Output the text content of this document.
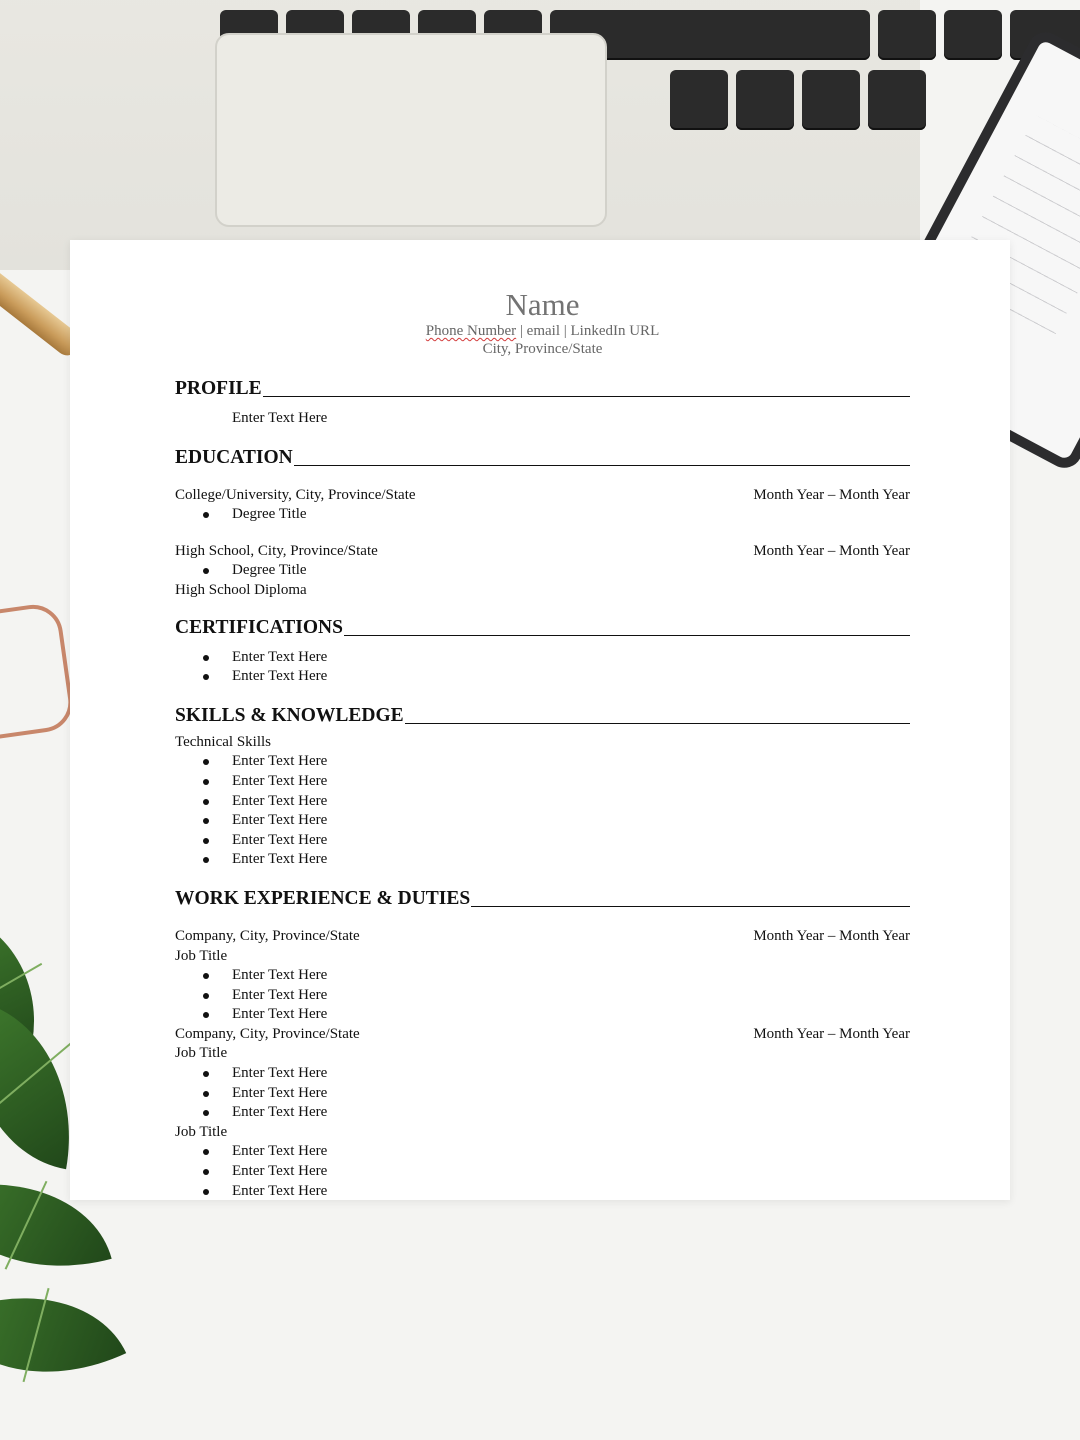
Name
Phone Number | email | LinkedIn URL
City, Province/State
PROFILE
Enter Text Here
EDUCATION
College/University, City, Province/State	Month Year – Month Year
Degree Title
High School, City, Province/State	Month Year – Month Year
Degree Title
High School Diploma
CERTIFICATIONS
Enter Text Here
Enter Text Here
SKILLS & KNOWLEDGE
Technical Skills
Enter Text Here
Enter Text Here
Enter Text Here
Enter Text Here
Enter Text Here
Enter Text Here
WORK EXPERIENCE & DUTIES
Company, City, Province/State	Month Year – Month Year
Job Title
Enter Text Here
Enter Text Here
Enter Text Here
Company, City, Province/State	Month Year – Month Year
Job Title
Enter Text Here
Enter Text Here
Enter Text Here
Job Title
Enter Text Here
Enter Text Here
Enter Text Here
